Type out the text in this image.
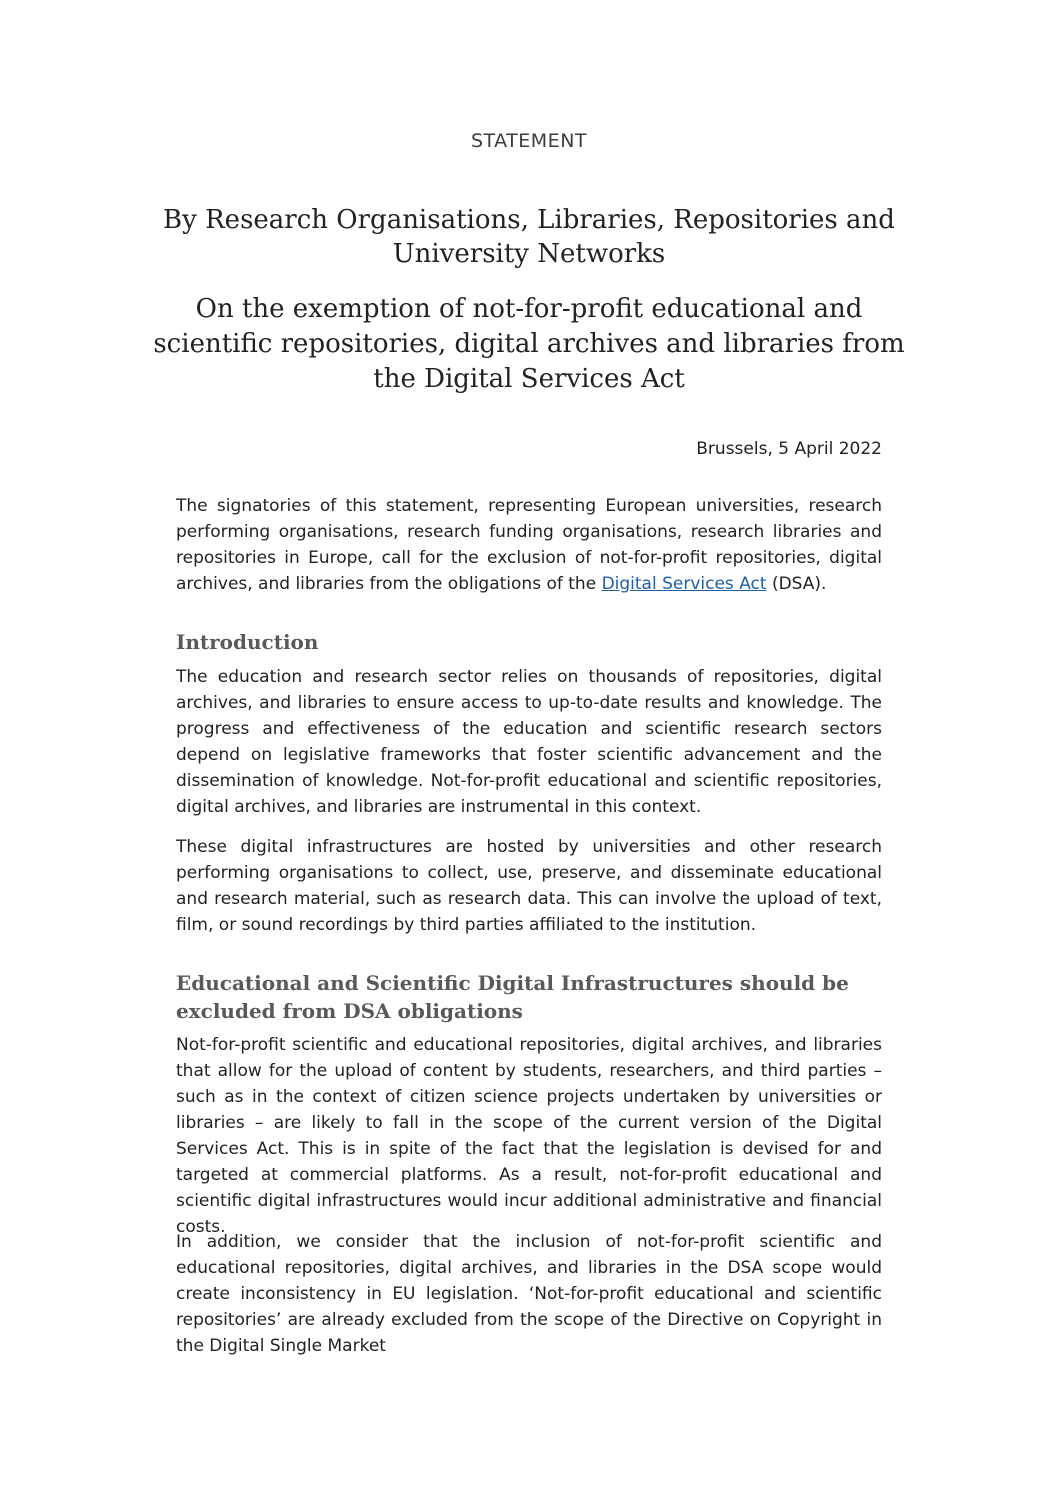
STATEMENT
By Research Organisations, Libraries, Repositories and University Networks
On the exemption of not-for-profit educational and scientific repositories, digital archives and libraries from the Digital Services Act
Brussels, 5 April 2022

The signatories of this statement, representing European universities, research performing organisations, research funding organisations, research libraries and repositories in Europe, call for the exclusion of not-for-profit repositories, digital archives, and libraries from the obligations of the Digital Services Act (DSA).

Introduction

The education and research sector relies on thousands of repositories, digital archives, and libraries to ensure access to up-to-date results and knowledge. The progress and effectiveness of the education and scientific research sectors depend on legislative frameworks that foster scientific advancement and the dissemination of knowledge. Not-for-profit educational and scientific repositories, digital archives, and libraries are instrumental in this context.

These digital infrastructures are hosted by universities and other research performing organisations to collect, use, preserve, and disseminate educational and research material, such as research data. This can involve the upload of text, film, or sound recordings by third parties affiliated to the institution.

Educational and Scientific Digital Infrastructures should be excluded from DSA obligations

Not-for-profit scientific and educational repositories, digital archives, and libraries that allow for the upload of content by students, researchers, and third parties – such as in the context of citizen science projects undertaken by universities or libraries – are likely to fall in the scope of the current version of the Digital Services Act. This is in spite of the fact that the legislation is devised for and targeted at commercial platforms. As a result, not-for-profit educational and scientific digital infrastructures would incur additional administrative and financial costs.

In addition, we consider that the inclusion of not-for-profit scientific and educational repositories, digital archives, and libraries in the DSA scope would create inconsistency in EU legislation. ‘Not-for-profit educational and scientific repositories’ are already excluded from the scope of the Directive on Copyright in the Digital Single Market
